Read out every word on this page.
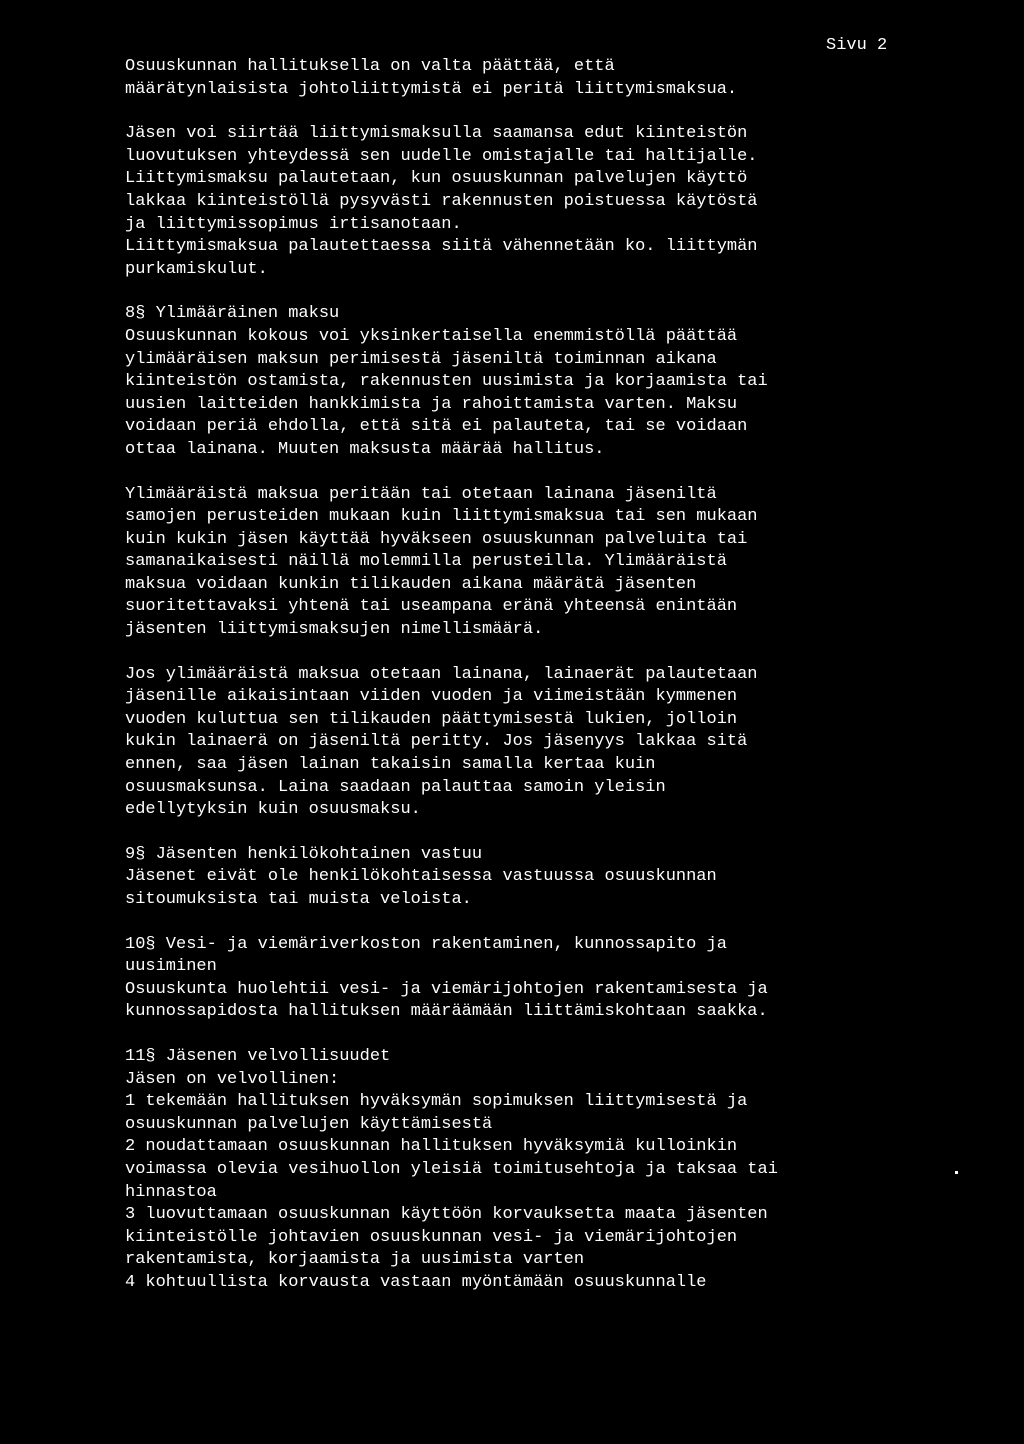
Sivu 2
Osuuskunnan hallituksella on valta päättää, että
määrätynlaisista johtoliittymistä ei peritä liittymismaksua.
Jäsen voi siirtää liittymismaksulla saamansa edut kiinteistön
luovutuksen yhteydessä sen uudelle omistajalle tai haltijalle.
Liittymismaksu palautetaan, kun osuuskunnan palvelujen käyttö
lakkaa kiinteistöllä pysyvästi rakennusten poistuessa käytöstä
ja liittymissopimus irtisanotaan.
Liittymismaksua palautettaessa siitä vähennetään ko. liittymän
purkamiskulut.
8§ Ylimääräinen maksu
Osuuskunnan kokous voi yksinkertaisella enemmistöllä päättää
ylimääräisen maksun perimisestä jäseniltä toiminnan aikana
kiinteistön ostamista, rakennusten uusimista ja korjaamista tai
uusien laitteiden hankkimista ja rahoittamista varten. Maksu
voidaan periä ehdolla, että sitä ei palauteta, tai se voidaan
ottaa lainana. Muuten maksusta määrää hallitus.
Ylimääräistä maksua peritään tai otetaan lainana jäseniltä
samojen perusteiden mukaan kuin liittymismaksua tai sen mukaan
kuin kukin jäsen käyttää hyväkseen osuuskunnan palveluita tai
samanaikaisesti näillä molemmilla perusteilla. Ylimääräistä
maksua voidaan kunkin tilikauden aikana määrätä jäsenten
suoritettavaksi yhtenä tai useampana eränä yhteensä enintään
jäsenten liittymismaksujen nimellismäärä.
Jos ylimääräistä maksua otetaan lainana, lainaerät palautetaan
jäsenille aikaisintaan viiden vuoden ja viimeistään kymmenen
vuoden kuluttua sen tilikauden päättymisestä lukien, jolloin
kukin lainaerä on jäseniltä peritty. Jos jäsenyys lakkaa sitä
ennen, saa jäsen lainan takaisin samalla kertaa kuin
osuusmaksunsa. Laina saadaan palauttaa samoin yleisin
edellytyksin kuin osuusmaksu.
9§ Jäsenten henkilökohtainen vastuu
Jäsenet eivät ole henkilökohtaisessa vastuussa osuuskunnan
sitoumuksista tai muista veloista.
10§ Vesi- ja viemäriverkoston rakentaminen, kunnossapito ja
uusiminen
Osuuskunta huolehtii vesi- ja viemärijohtojen rakentamisesta ja
kunnossapidosta hallituksen määräämään liittämiskohtaan saakka.
11§ Jäsenen velvollisuudet
Jäsen on velvollinen:
1 tekemään hallituksen hyväksymän sopimuksen liittymisestä ja
osuuskunnan palvelujen käyttämisestä
2 noudattamaan osuuskunnan hallituksen hyväksymiä kulloinkin
voimassa olevia vesihuollon yleisiä toimitusehtoja ja taksaa tai
hinnastoa
3 luovuttamaan osuuskunnan käyttöön korvauksetta maata jäsenten
kiinteistölle johtavien osuuskunnan vesi- ja viemärijohtojen
rakentamista, korjaamista ja uusimista varten
4 kohtuullista korvausta vastaan myöntämään osuuskunnalle
